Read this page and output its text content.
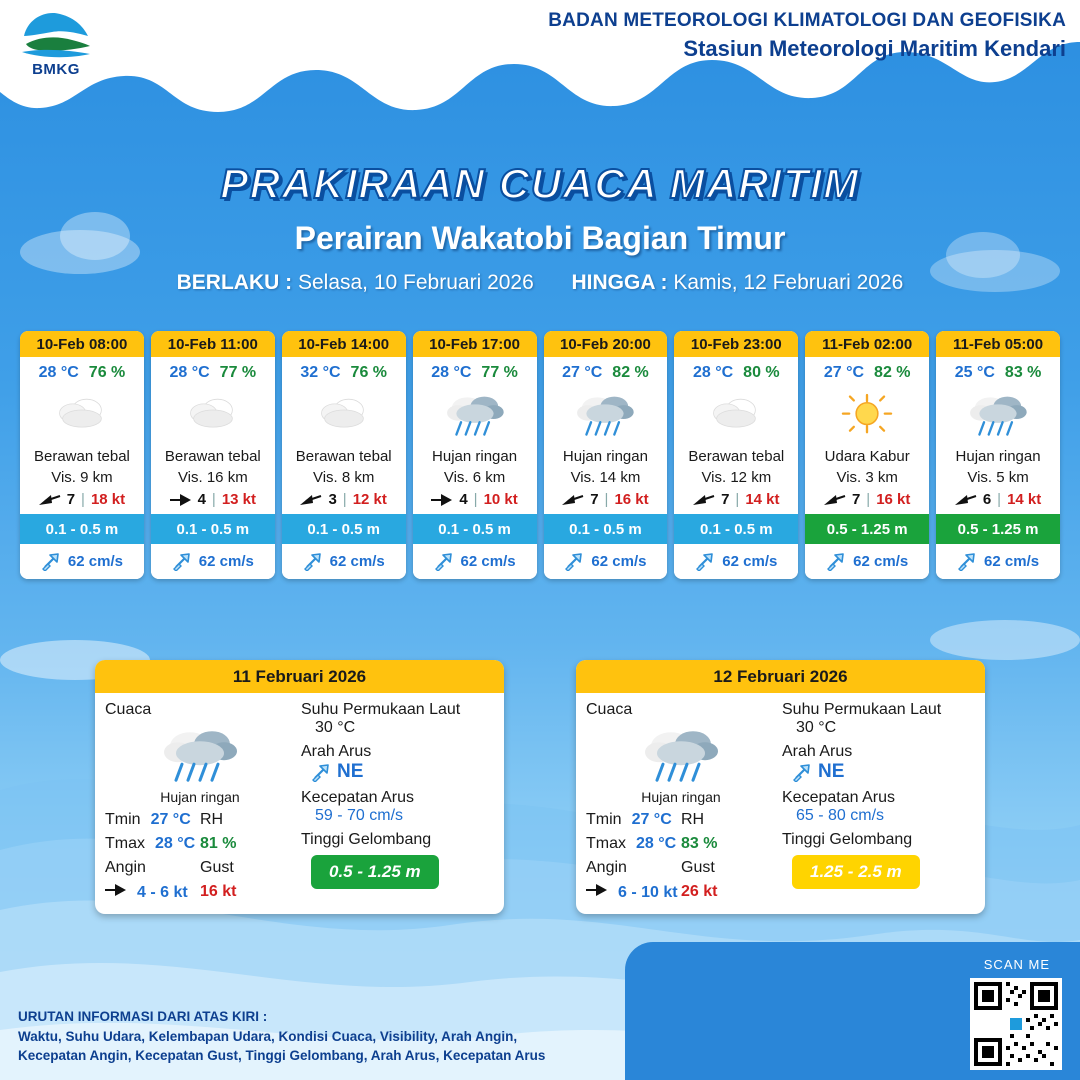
BMKG
BADAN METEOROLOGI KLIMATOLOGI DAN GEOFISIKA
Stasiun Meteorologi Maritim Kendari
PRAKIRAAN CUACA MARITIM
Perairan Wakatobi Bagian Timur
BERLAKU : Selasa, 10 Februari 2026 HINGGA : Kamis, 12 Februari 2026
10-Feb 08:00
28 °C 76 %
Berawan tebal
Vis. 9 km
7 | 18 kt
0.1 - 0.5 m
62 cm/s
10-Feb 11:00
28 °C 77 %
Berawan tebal
Vis. 16 km
4 | 13 kt
0.1 - 0.5 m
62 cm/s
10-Feb 14:00
32 °C 76 %
Berawan tebal
Vis. 8 km
3 | 12 kt
0.1 - 0.5 m
62 cm/s
10-Feb 17:00
28 °C 77 %
Hujan ringan
Vis. 6 km
4 | 10 kt
0.1 - 0.5 m
62 cm/s
10-Feb 20:00
27 °C 82 %
Hujan ringan
Vis. 14 km
7 | 16 kt
0.1 - 0.5 m
62 cm/s
10-Feb 23:00
28 °C 80 %
Berawan tebal
Vis. 12 km
7 | 14 kt
0.1 - 0.5 m
62 cm/s
11-Feb 02:00
27 °C 82 %
Udara Kabur
Vis. 3 km
7 | 16 kt
0.5 - 1.25 m
62 cm/s
11-Feb 05:00
25 °C 83 %
Hujan ringan
Vis. 5 km
6 | 14 kt
0.5 - 1.25 m
62 cm/s
11 Februari 2026
Cuaca
Hujan ringan
Tmin 27 °C
Tmax 28 °C
RH
81 %
Angin
4 - 6 kt
Gust
16 kt
Suhu Permukaan Laut
30 °C
Arah Arus
NE
Kecepatan Arus
59 - 70 cm/s
Tinggi Gelombang
0.5 - 1.25 m
12 Februari 2026
Cuaca
Hujan ringan
Tmin 27 °C
Tmax 28 °C
RH
83 %
Angin
6 - 10 kt
Gust
26 kt
Suhu Permukaan Laut
30 °C
Arah Arus
NE
Kecepatan Arus
65 - 80 cm/s
Tinggi Gelombang
1.25 - 2.5 m
SCAN ME
URUTAN INFORMASI DARI ATAS KIRI :
Waktu, Suhu Udara, Kelembapan Udara, Kondisi Cuaca, Visibility, Arah Angin,
Kecepatan Angin, Kecepatan Gust, Tinggi Gelombang, Arah Arus, Kecepatan Arus
